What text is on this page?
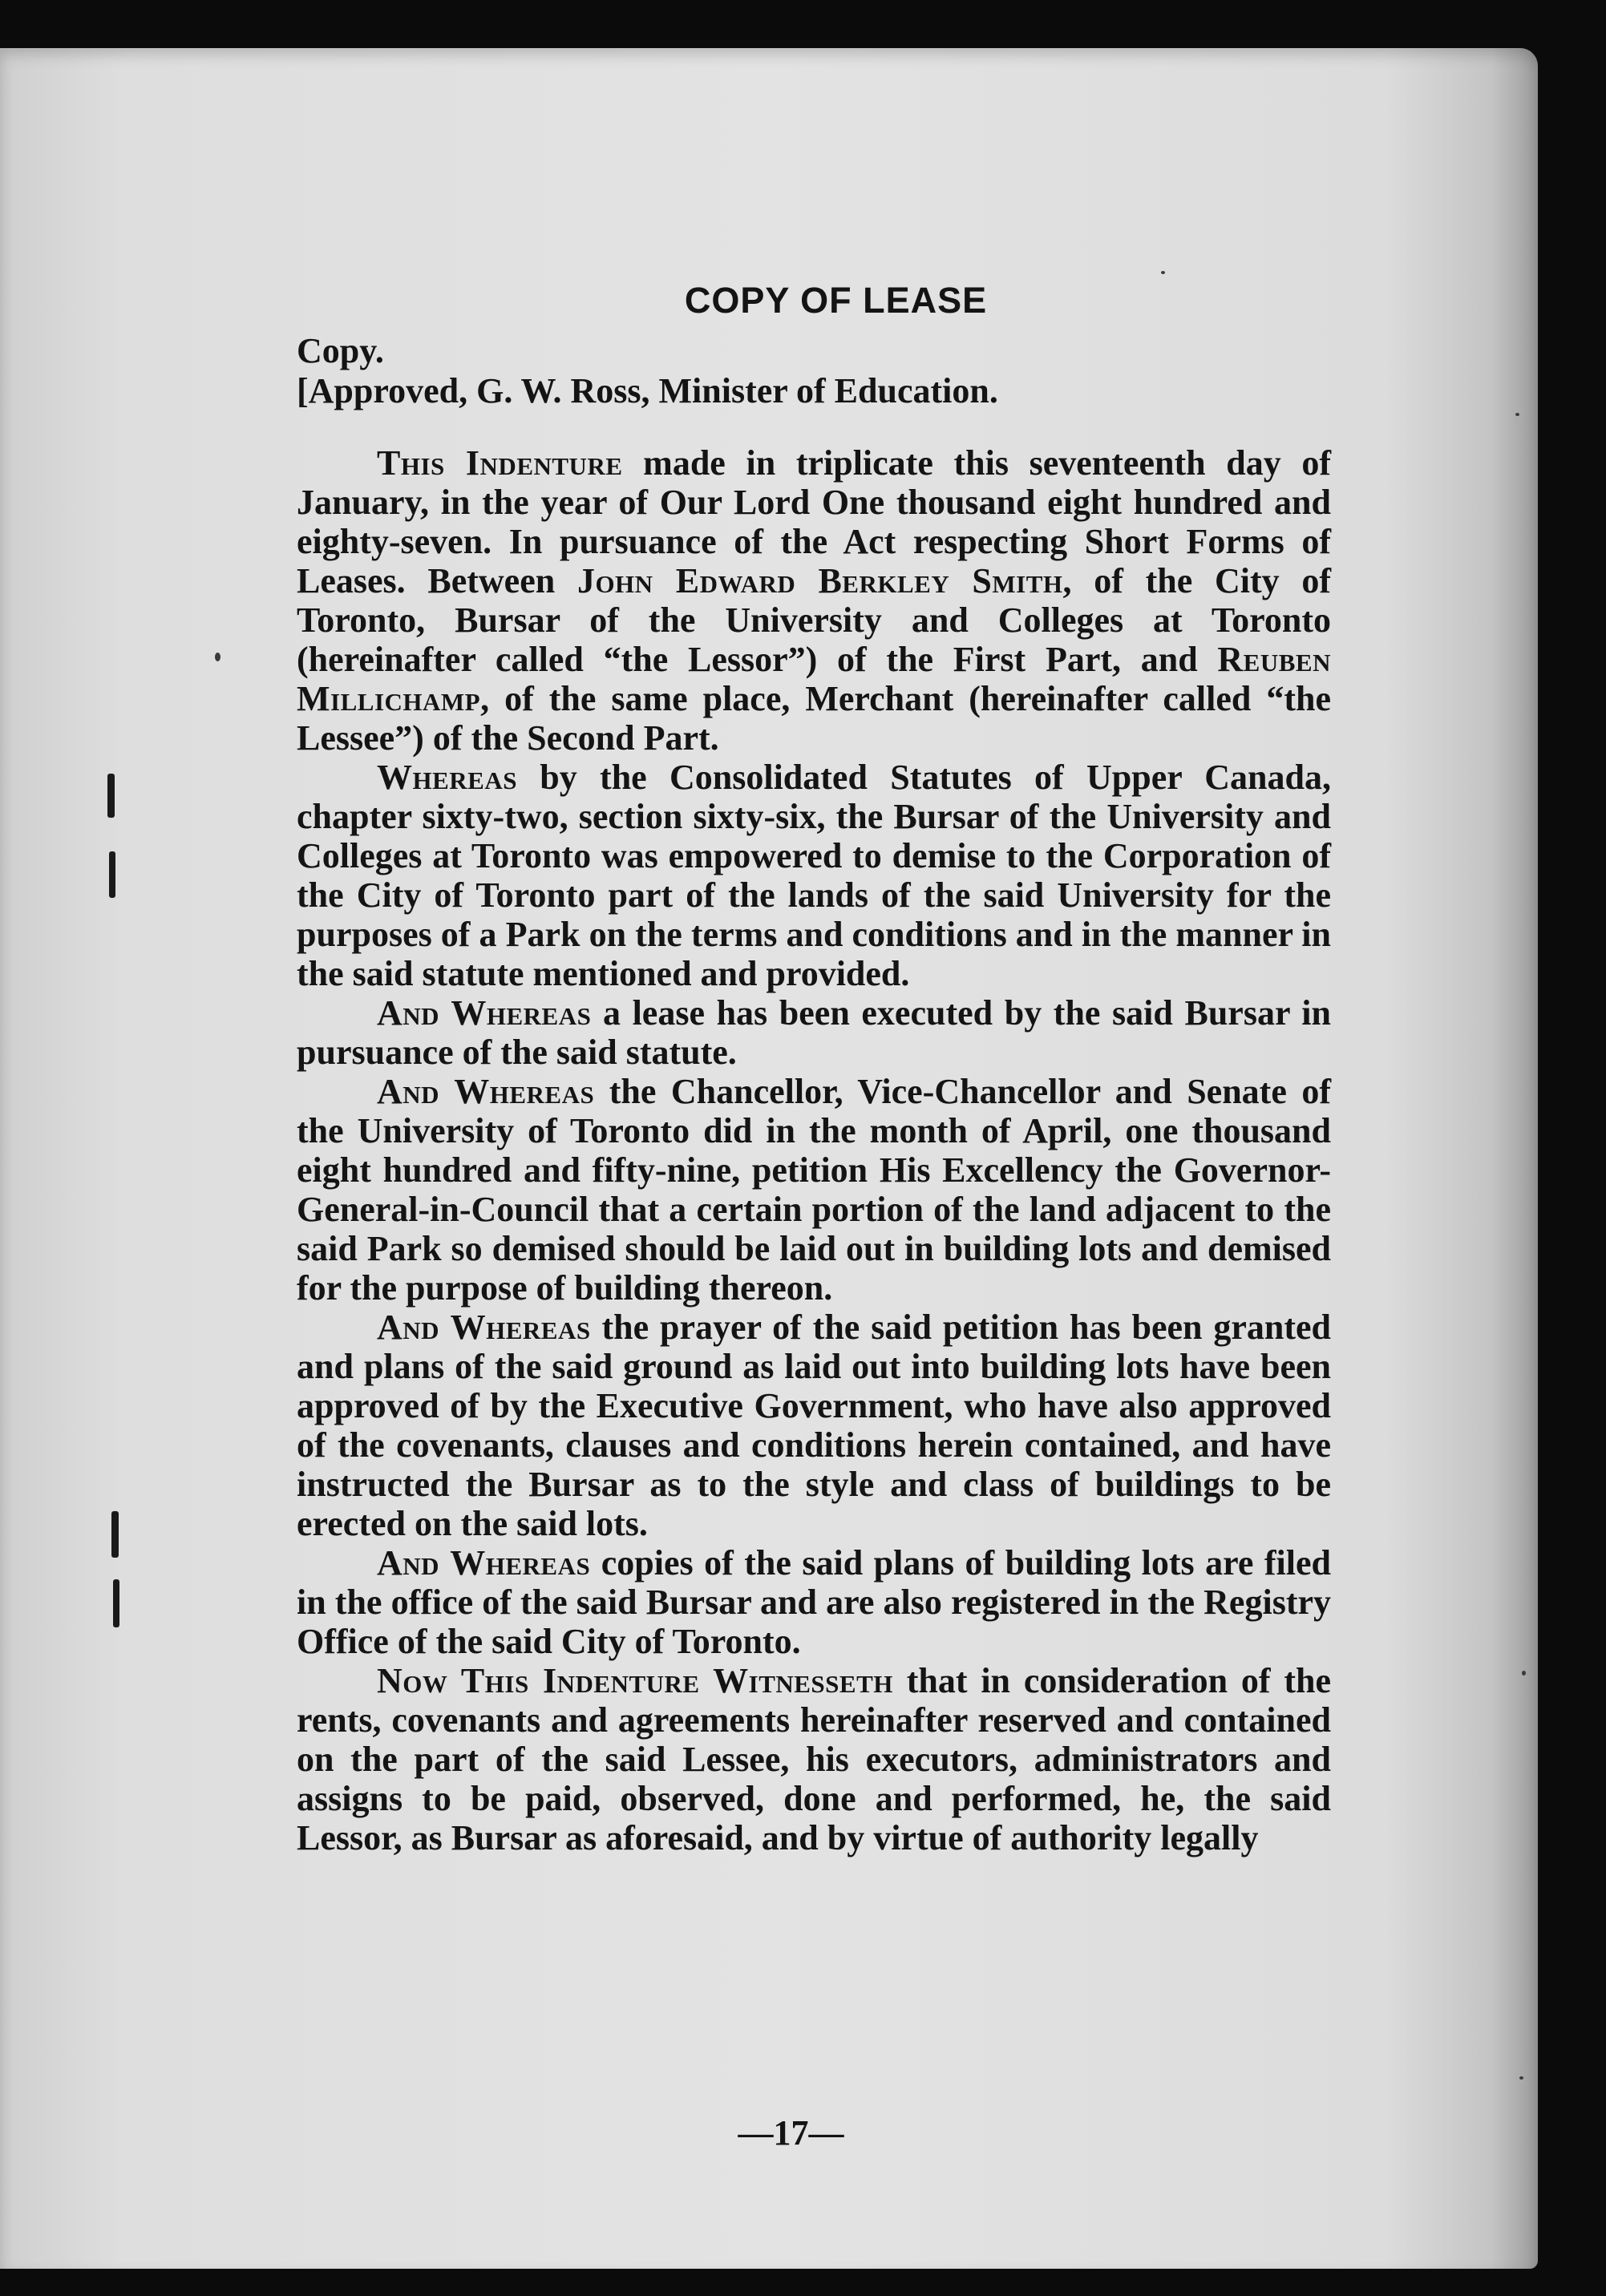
COPY OF LEASE

Copy.

[Approved, G. W. Ross, Minister of Education.

This Indenture made in triplicate this seventeenth day of January, in the year of Our Lord One thousand eight hundred and eighty-seven. In pursuance of the Act respecting Short Forms of Leases. Between John Edward Berkley Smith, of the City of Toronto, Bursar of the University and Colleges at Toronto (hereinafter called “the Lessor”) of the First Part, and Reuben Millichamp, of the same place, Merchant (hereinafter called “the Lessee”) of the Second Part.

Whereas by the Consolidated Statutes of Upper Canada, chapter sixty-two, section sixty-six, the Bursar of the University and Colleges at Toronto was empowered to demise to the Corporation of the City of Toronto part of the lands of the said University for the purposes of a Park on the terms and conditions and in the manner in the said statute mentioned and provided.

And Whereas a lease has been executed by the said Bursar in pursuance of the said statute.

And Whereas the Chancellor, Vice-Chancellor and Senate of the University of Toronto did in the month of April, one thousand eight hundred and fifty-nine, petition His Excellency the Governor-General-in-Council that a certain portion of the land adjacent to the said Park so demised should be laid out in building lots and demised for the purpose of building thereon.

And Whereas the prayer of the said petition has been granted and plans of the said ground as laid out into building lots have been approved of by the Executive Government, who have also approved of the covenants, clauses and conditions herein contained, and have instructed the Bursar as to the style and class of buildings to be erected on the said lots.

And Whereas copies of the said plans of building lots are filed in the office of the said Bursar and are also registered in the Registry Office of the said City of Toronto.

Now This Indenture Witnesseth that in consideration of the rents, covenants and agreements hereinafter reserved and contained on the part of the said Lessee, his executors, administrators and assigns to be paid, observed, done and performed, he, the said Lessor, as Bursar as aforesaid, and by virtue of authority legally

—17—
